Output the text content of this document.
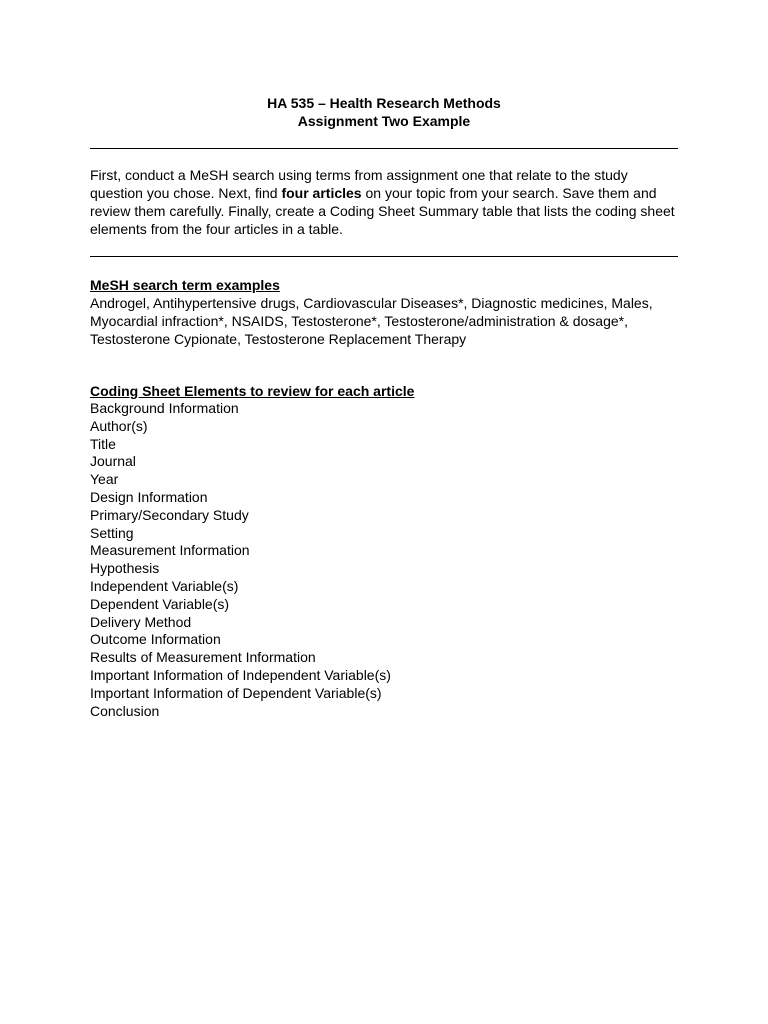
HA 535 – Health Research Methods
Assignment Two Example
First, conduct a MeSH search using terms from assignment one that relate to the study question you chose. Next, find four articles on your topic from your search. Save them and review them carefully. Finally, create a Coding Sheet Summary table that lists the coding sheet elements from the four articles in a table.
MeSH search term examples
Androgel, Antihypertensive drugs, Cardiovascular Diseases*, Diagnostic medicines, Males, Myocardial infraction*, NSAIDS, Testosterone*, Testosterone/administration & dosage*, Testosterone Cypionate, Testosterone Replacement Therapy
Coding Sheet Elements to review for each article
Background Information
Author(s)
Title
Journal
Year
Design Information
Primary/Secondary Study
Setting
Measurement Information
Hypothesis
Independent Variable(s)
Dependent Variable(s)
Delivery Method
Outcome Information
Results of Measurement Information
Important Information of Independent Variable(s)
Important Information of Dependent Variable(s)
Conclusion
